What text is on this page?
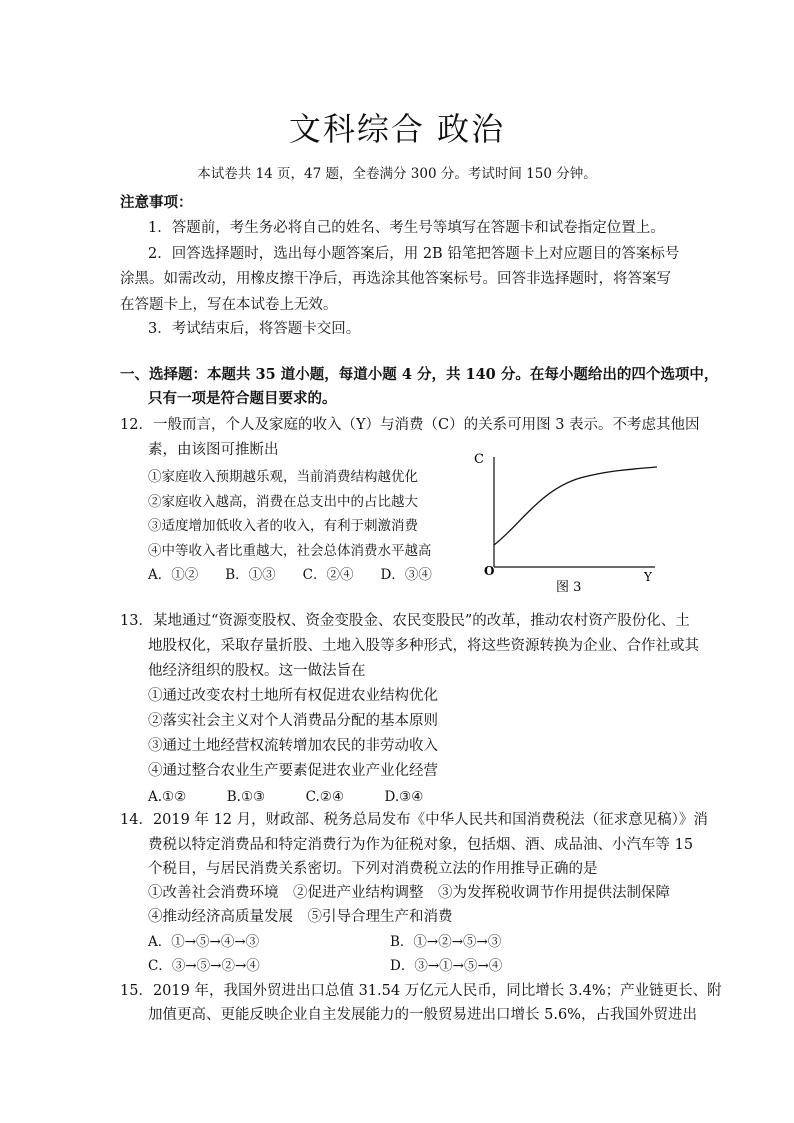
文科综合 政治
本试卷共 14 页，47 题，全卷满分 300 分。考试时间 150 分钟。
注意事项：
1．答题前，考生务必将自己的姓名、考生号等填写在答题卡和试卷指定位置上。
2．回答选择题时，选出每小题答案后，用 2B 铅笔把答题卡上对应题目的答案标号
涂黑。如需改动，用橡皮擦干净后，再选涂其他答案标号。回答非选择题时，将答案写
在答题卡上，写在本试卷上无效。
3．考试结束后，将答题卡交回。
一、选择题：本题共 35 道小题，每道小题 4 分，共 140 分。在每小题给出的四个选项中，
只有一项是符合题目要求的。
12．一般而言，个人及家庭的收入（Y）与消费（C）的关系可用图 3 表示。不考虑其他因
素，由该图可推断出
①家庭收入预期越乐观，当前消费结构越优化
②家庭收入越高，消费在总支出中的占比越大
③适度增加低收入者的收入，有利于刺激消费
④中等收入者比重越大，社会总体消费水平越高
A．①②　　B．①③　　C．②④　　D．③④
C
O	Y
图 3
13．某地通过“资源变股权、资金变股金、农民变股民”的改革，推动农村资产股份化、土
地股权化，采取存量折股、土地入股等多种形式，将这些资源转换为企业、合作社或其
他经济组织的股权。这一做法旨在
①通过改变农村土地所有权促进农业结构优化
②落实社会主义对个人消费品分配的基本原则
③通过土地经营权流转增加农民的非劳动收入
④通过整合农业生产要素促进农业产业化经营
A.①②　　　B.①③　　　C.②④　　　D.③④
14．2019 年 12 月，财政部、税务总局发布《中华人民共和国消费税法（征求意见稿）》消
费税以特定消费品和特定消费行为作为征税对象，包括烟、酒、成品油、小汽车等 15
个税目，与居民消费关系密切。下列对消费税立法的作用推导正确的是
①改善社会消费环境　②促进产业结构调整　③为发挥税收调节作用提供法制保障
④推动经济高质量发展　⑤引导合理生产和消费
A．①→⑤→④→③	B．①→②→⑤→③
C．③→⑤→②→④	D．③→①→⑤→④
15．2019 年，我国外贸进出口总值 31.54 万亿元人民币，同比增长 3.4%；产业链更长、附
加值更高、更能反映企业自主发展能力的一般贸易进出口增长 5.6%，占我国外贸进出
